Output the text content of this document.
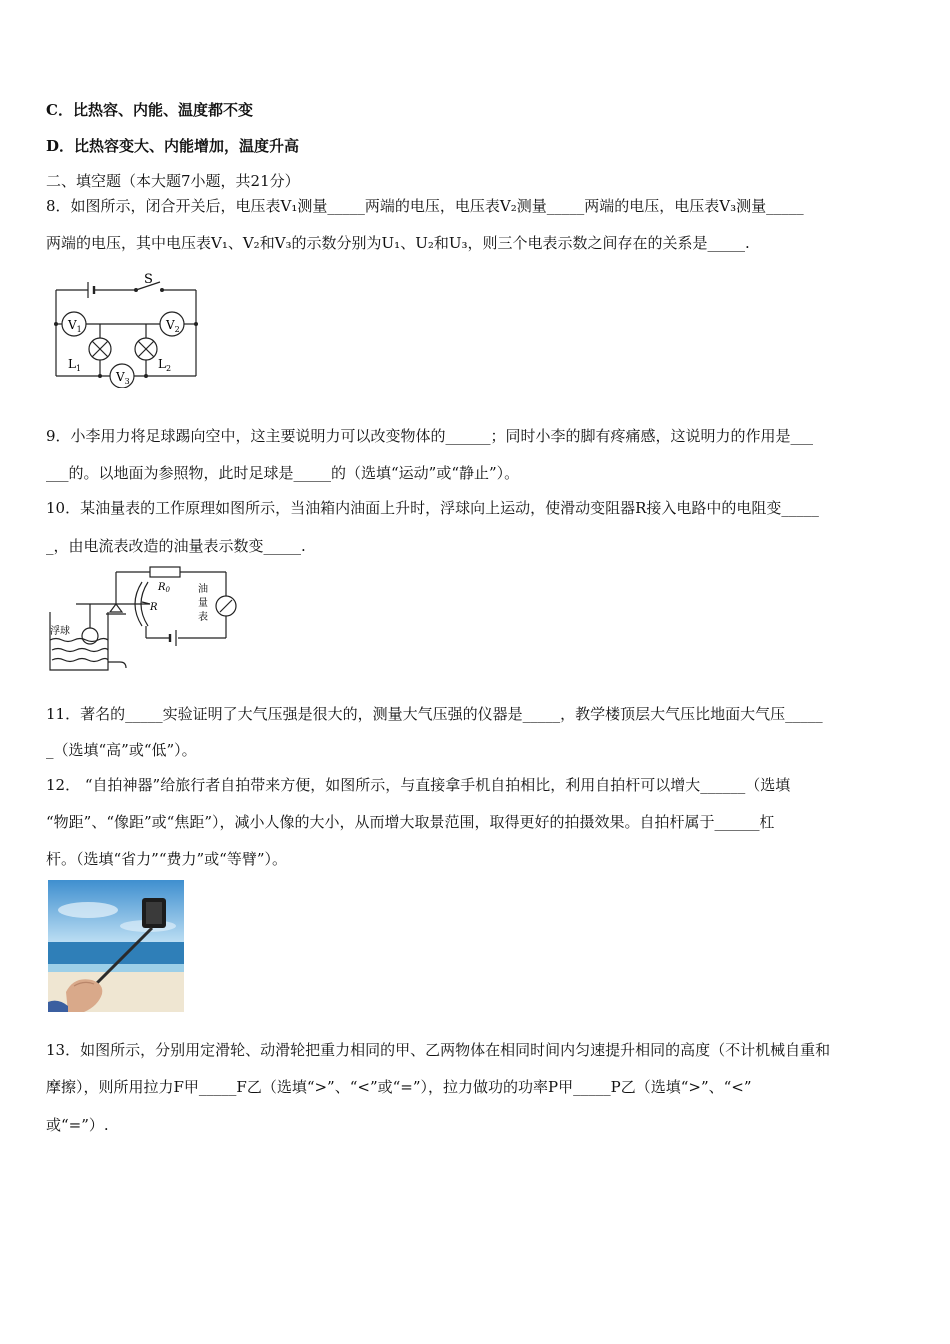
C．比热容、内能、温度都不变
D．比热容变大、内能增加，温度升高
二、填空题（本大题7小题，共21分）
8．如图所示，闭合开关后，电压表V₁测量_____两端的电压，电压表V₂测量_____两端的电压，电压表V₃测量_____
两端的电压，其中电压表V₁、V₂和V₃的示数分别为U₁、U₂和U₃，则三个电表示数之间存在的关系是_____.
S
$V_1$	$V_2$
$V_3$
$L_1$	$L_2$
9．小李用力将足球踢向空中，这主要说明力可以改变物体的______；同时小李的脚有疼痛感，这说明力的作用是___
___的。以地面为参照物，此时足球是_____的（选填“运动”或“静止”）。
10．某油量表的工作原理如图所示，当油箱内油面上升时，浮球向上运动，使滑动变阻器R接入电路中的电阻变_____
_，由电流表改造的油量表示数变_____.
$R_0$
R
油
量
表
浮球
11．著名的_____实验证明了大气压强是很大的，测量大气压强的仪器是_____，教学楼顶层大气压比地面大气压_____
_（选填“高”或“低”）。
12． “自拍神器”给旅行者自拍带来方便，如图所示，与直接拿手机自拍相比，利用自拍杆可以增大______（选填
“物距”、“像距”或“焦距”），减小人像的大小，从而增大取景范围，取得更好的拍摄效果。自拍杆属于______杠
杆。（选填“省力”“费力”或“等臂”）。
13．如图所示，分别用定滑轮、动滑轮把重力相同的甲、乙两物体在相同时间内匀速提升相同的高度（不计机械自重和
摩擦），则所用拉力F甲_____F乙（选填“>”、“<”或“=”），拉力做功的功率P甲_____P乙（选填“>”、“<”
或“=”）.
